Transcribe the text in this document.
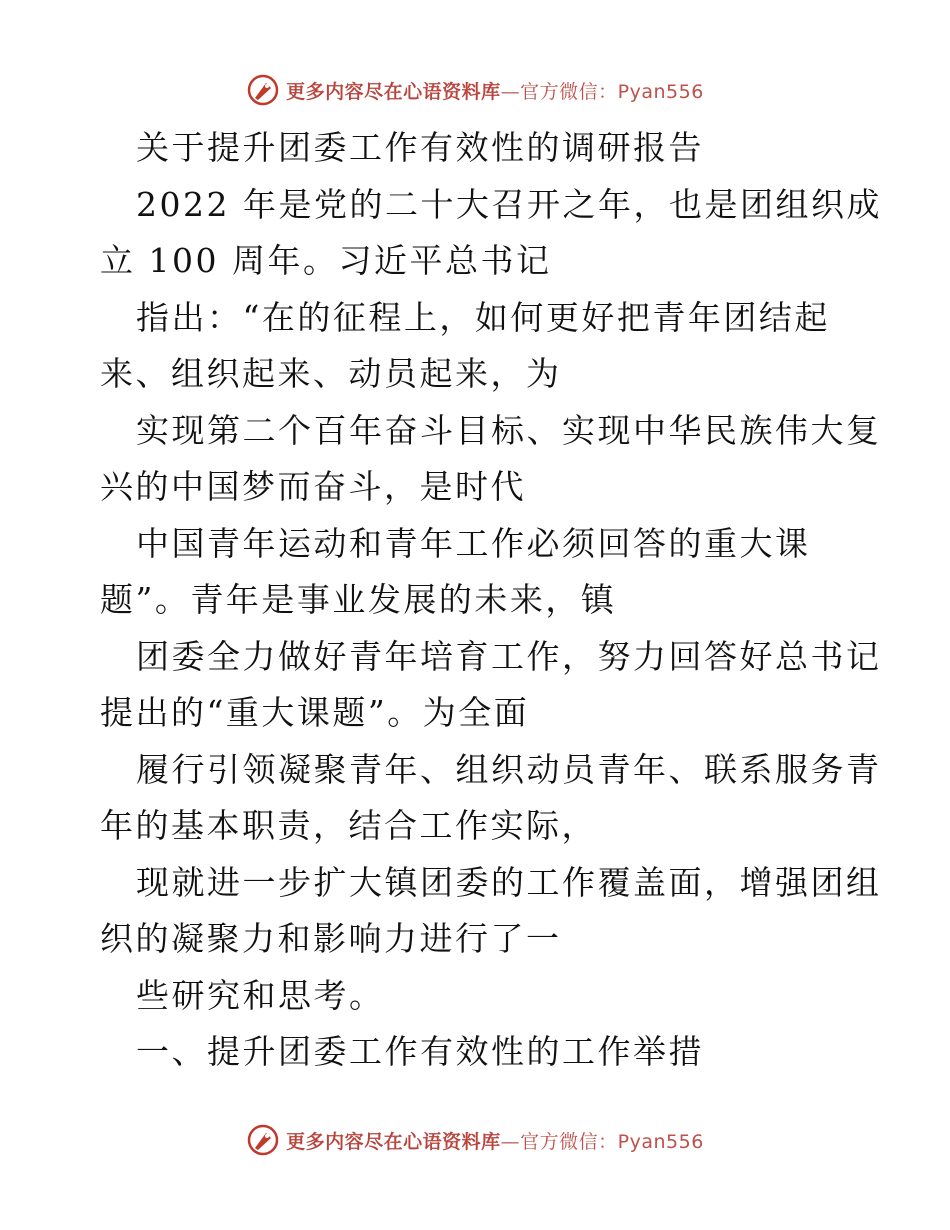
更多内容尽在心语资料库—官方微信：Pyan556
关于提升团委工作有效性的调研报告
2022 年是党的二十大召开之年，也是团组织成
立 100 周年。习近平总书记
指出：“在的征程上，如何更好把青年团结起
来、组织起来、动员起来，为
实现第二个百年奋斗目标、实现中华民族伟大复
兴的中国梦而奋斗，是时代
中国青年运动和青年工作必须回答的重大课
题”。青年是事业发展的未来，镇
团委全力做好青年培育工作，努力回答好总书记
提出的“重大课题”。为全面
履行引领凝聚青年、组织动员青年、联系服务青
年的基本职责，结合工作实际，
现就进一步扩大镇团委的工作覆盖面，增强团组
织的凝聚力和影响力进行了一
些研究和思考。
一、提升团委工作有效性的工作举措
更多内容尽在心语资料库—官方微信：Pyan556
